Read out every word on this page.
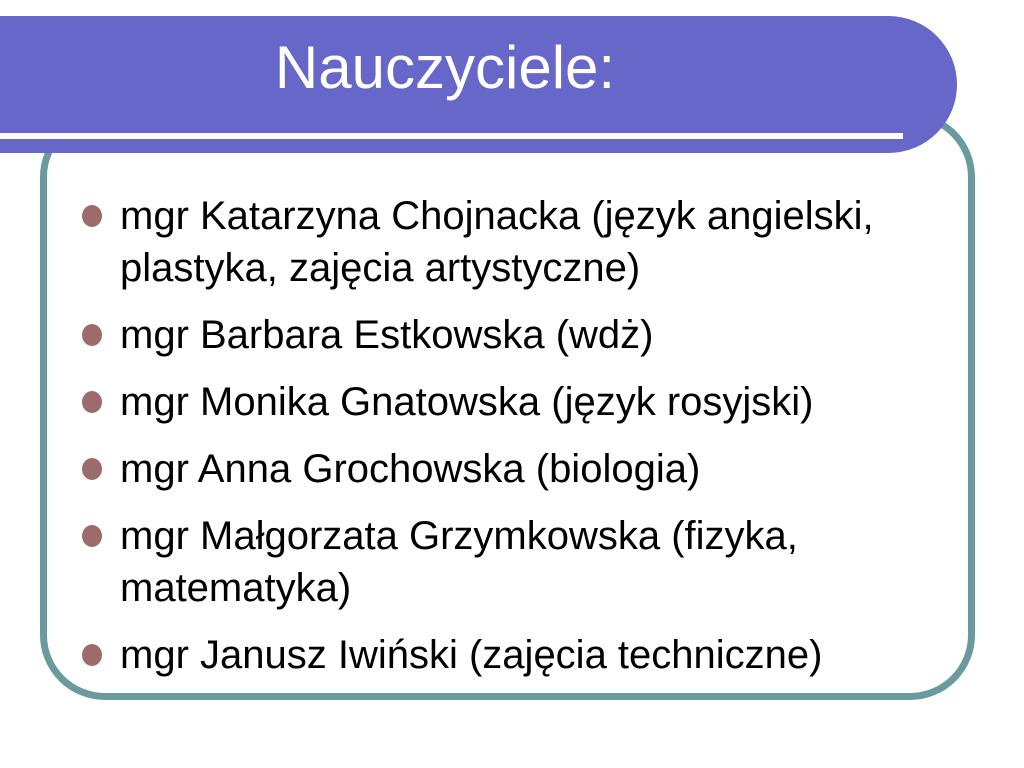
Nauczyciele:
mgr Katarzyna Chojnacka (język angielski, plastyka, zajęcia artystyczne)
mgr Barbara Estkowska (wdż)
mgr Monika Gnatowska (język rosyjski)
mgr Anna Grochowska (biologia)
mgr Małgorzata Grzymkowska (fizyka, matematyka)
mgr Janusz Iwiński (zajęcia techniczne)
